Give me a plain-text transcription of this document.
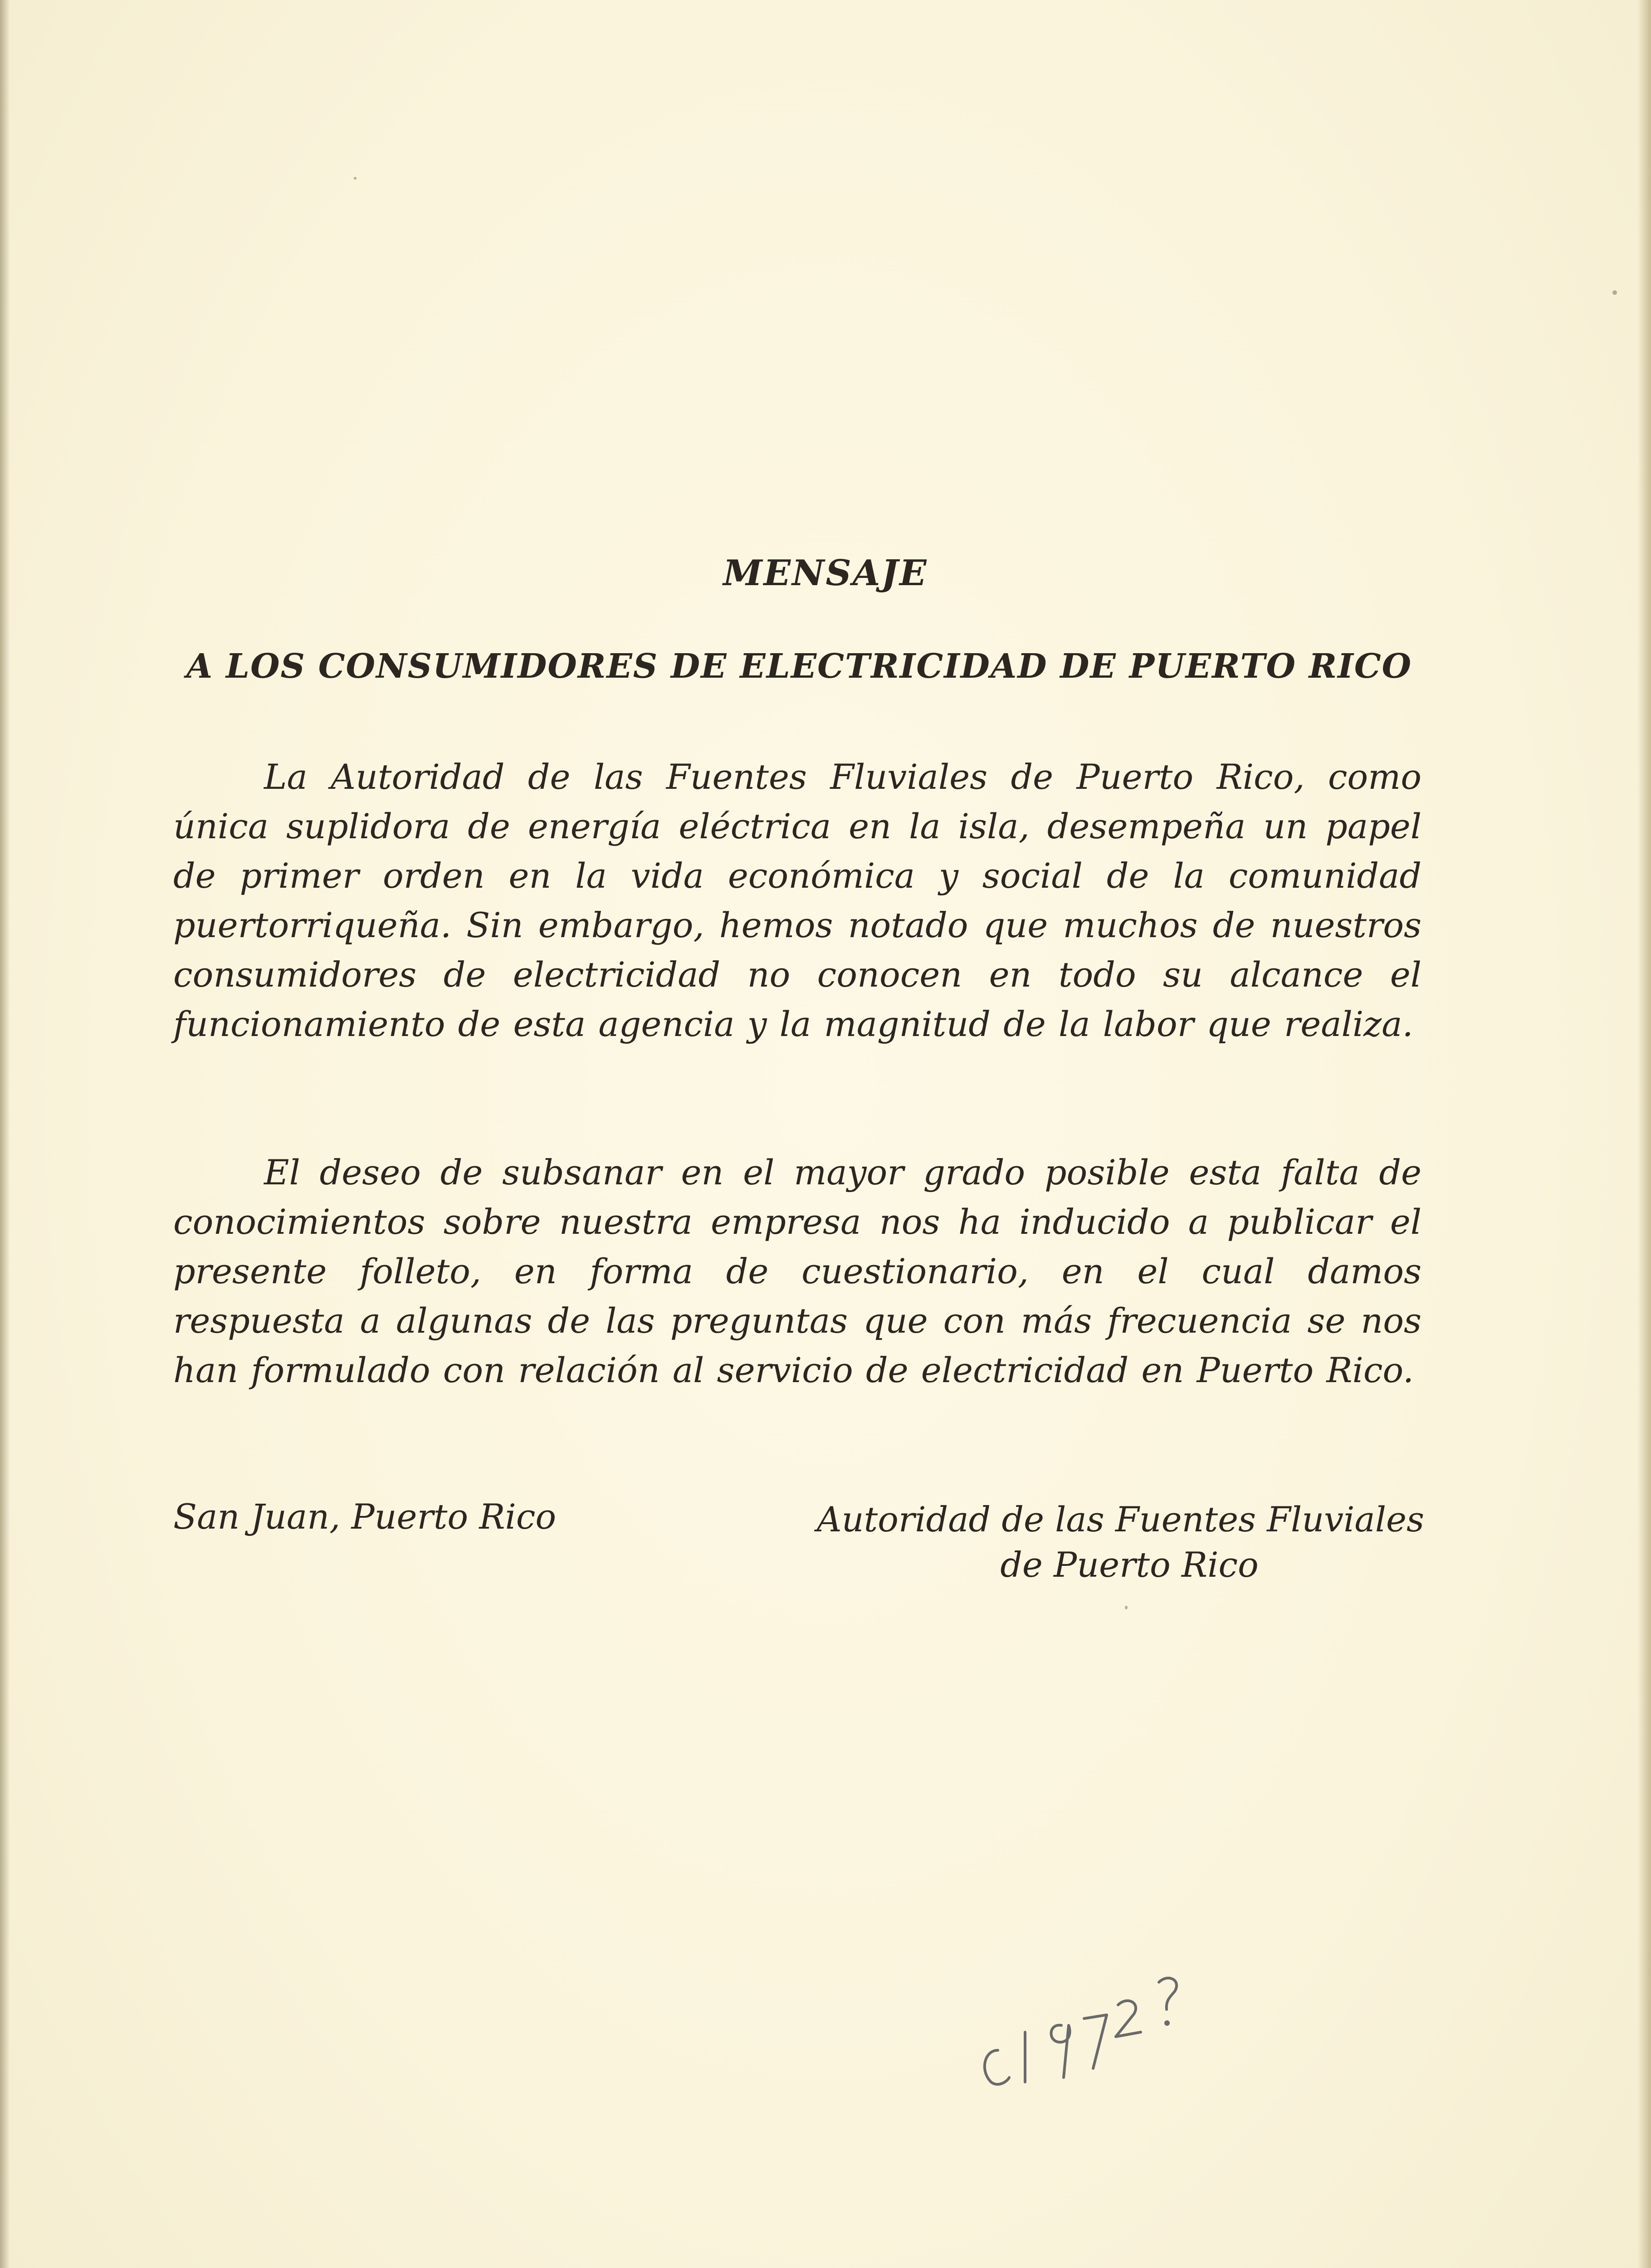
MENSAJE
A LOS CONSUMIDORES DE ELECTRICIDAD DE PUERTO RICO

La Autoridad de las Fuentes Fluviales de Puerto Rico, como única suplidora de energía eléctrica en la isla, desempeña un papel de primer orden en la vida económica y social de la comunidad puertorriqueña. Sin embargo, hemos notado que muchos de nuestros consumidores de electricidad no conocen en todo su alcance el funcionamiento de esta agencia y la magnitud de la labor que realiza.

El deseo de subsanar en el mayor grado posible esta falta de conocimientos sobre nuestra empresa nos ha inducido a publicar el presente folleto, en forma de cuestionario, en el cual damos respuesta a algunas de las preguntas que con más frecuencia se nos han formulado con relación al servicio de electricidad en Puerto Rico.

San Juan, Puerto Rico	Autoridad de las Fuentes Fluviales
de Puerto Rico
